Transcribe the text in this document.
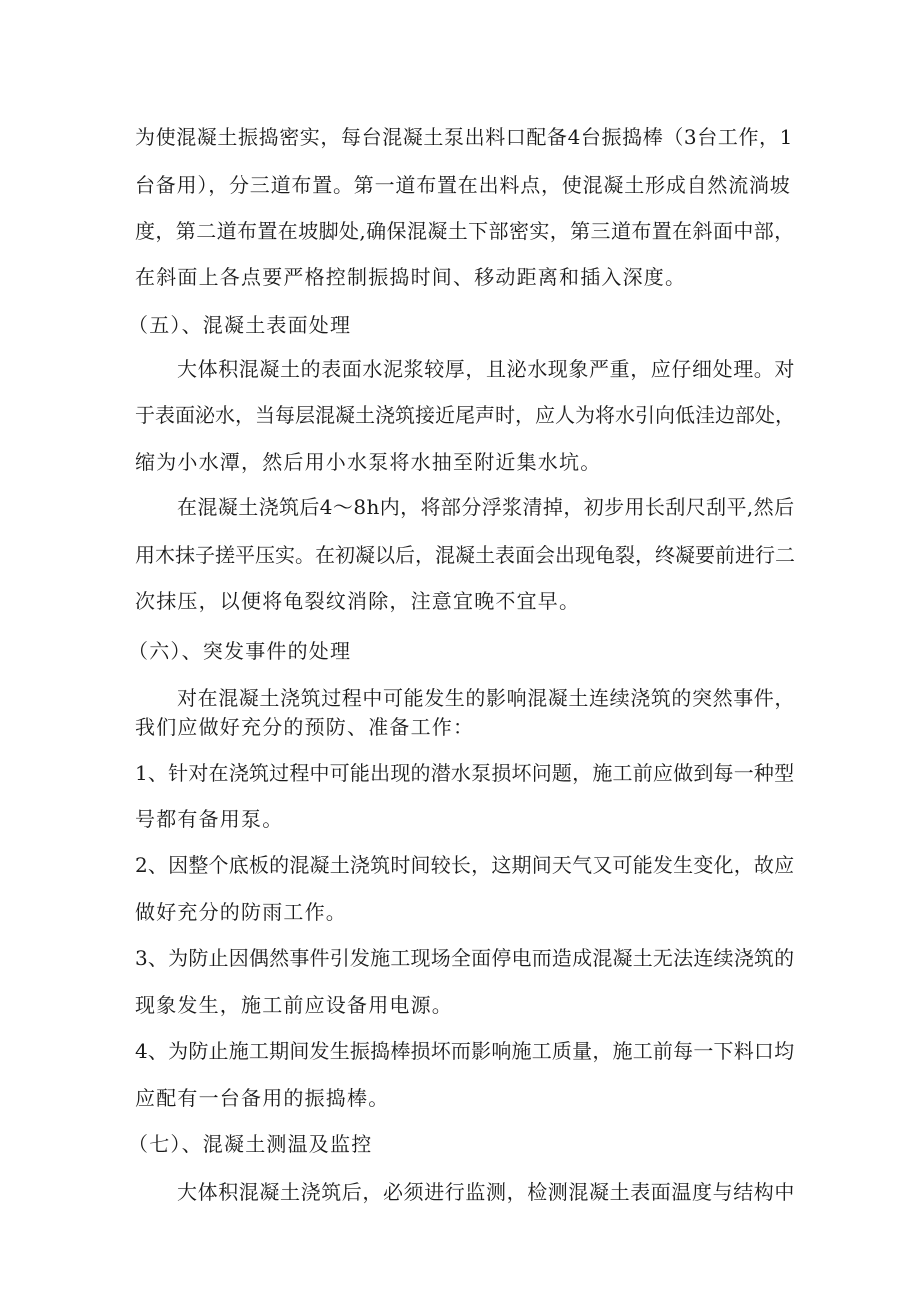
为使混凝土振捣密实，每台混凝土泵出料口配备4台振捣棒（3台工作，1
台备用），分三道布置。第一道布置在出料点，使混凝土形成自然流淌坡
度，第二道布置在坡脚处,确保混凝土下部密实，第三道布置在斜面中部，
在斜面上各点要严格控制振捣时间、移动距离和插入深度。
（五）、混凝土表面处理
大体积混凝土的表面水泥浆较厚，且泌水现象严重，应仔细处理。对
于表面泌水，当每层混凝土浇筑接近尾声时，应人为将水引向低洼边部处，
缩为小水潭，然后用小水泵将水抽至附近集水坑。
在混凝土浇筑后4～8h内，将部分浮浆清掉，初步用长刮尺刮平,然后
用木抹子搓平压实。在初凝以后，混凝土表面会出现龟裂，终凝要前进行二
次抹压，以便将龟裂纹消除，注意宜晚不宜早。
（六）、突发事件的处理
对在混凝土浇筑过程中可能发生的影响混凝土连续浇筑的突然事件，
我们应做好充分的预防、准备工作：
1、针对在浇筑过程中可能出现的潜水泵损坏问题，施工前应做到每一种型
号都有备用泵。
2、因整个底板的混凝土浇筑时间较长，这期间天气又可能发生变化，故应
做好充分的防雨工作。
3、为防止因偶然事件引发施工现场全面停电而造成混凝土无法连续浇筑的
现象发生，施工前应设备用电源。
4、为防止施工期间发生振捣棒损坏而影响施工质量，施工前每一下料口均
应配有一台备用的振捣棒。
（七）、混凝土测温及监控
大体积混凝土浇筑后，必须进行监测，检测混凝土表面温度与结构中
